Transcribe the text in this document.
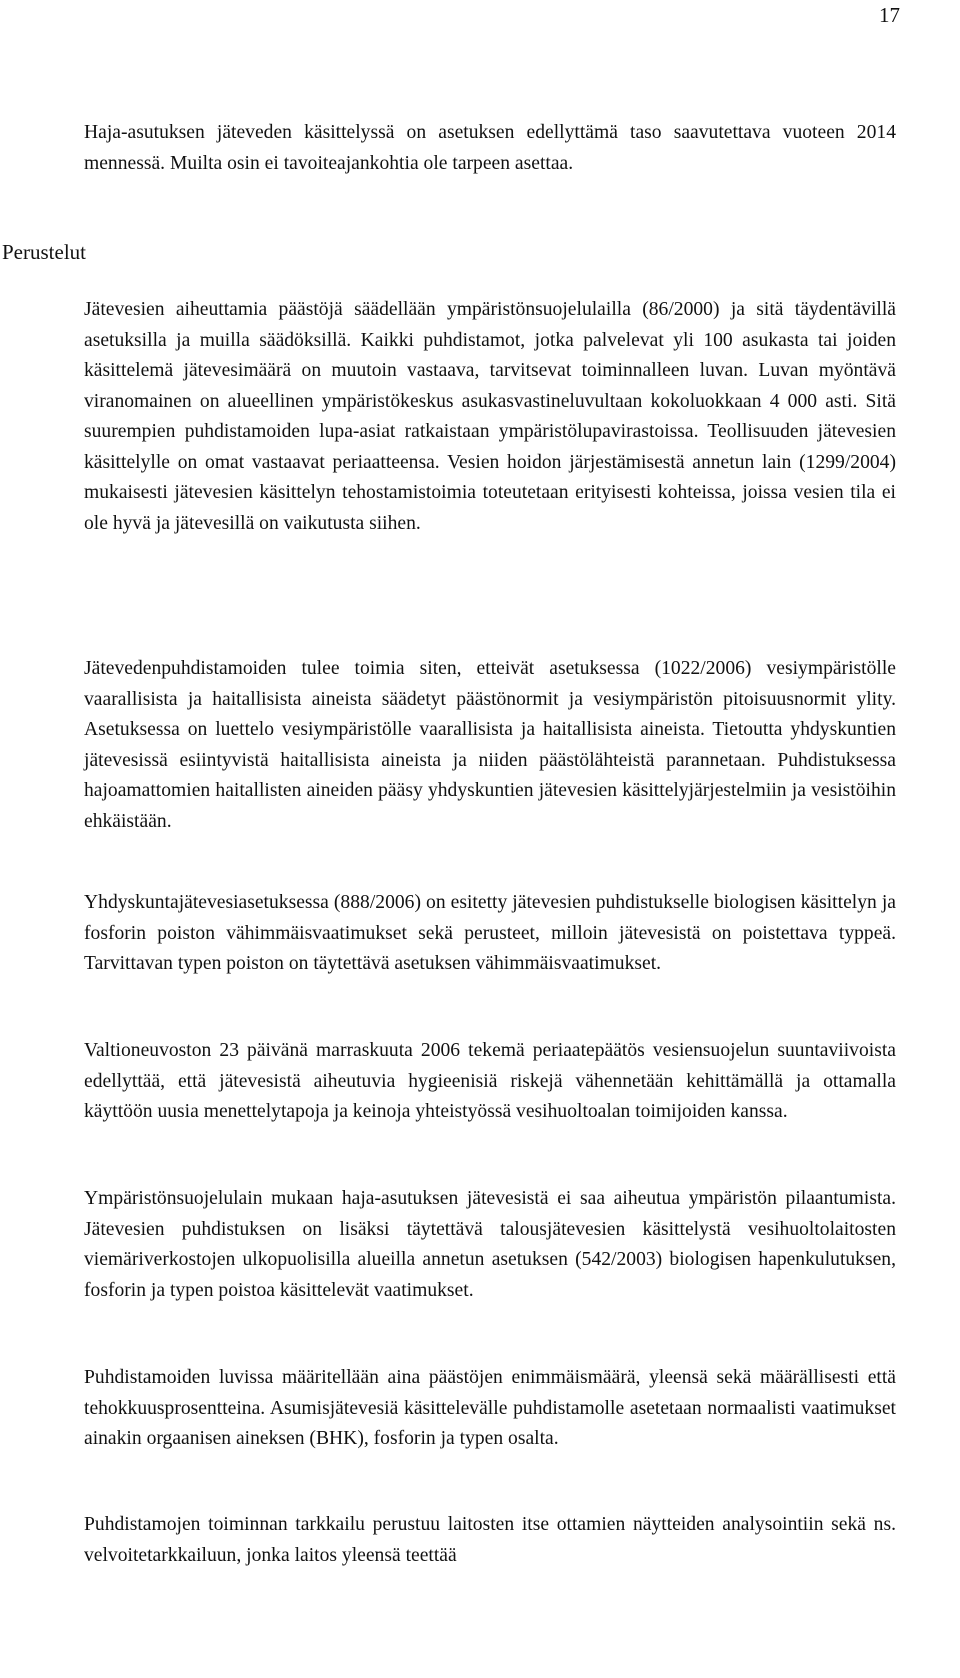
17
Perustelut

Haja-asutuksen jäteveden käsittelyssä on asetuksen edellyttämä taso saavutettava vuoteen 2014 mennessä. Muilta osin ei tavoiteajankohtia ole tarpeen asettaa.

Jätevesien aiheuttamia päästöjä säädellään ympäristönsuojelulailla (86/2000) ja sitä täydentävillä asetuksilla ja muilla säädöksillä. Kaikki puhdistamot, jotka palvelevat yli 100 asukasta tai joiden käsittelemä jätevesimäärä on muutoin vastaava, tarvitsevat toiminnalleen luvan. Luvan myöntävä viranomainen on alueellinen ympäristökeskus asukasvastineluvultaan kokoluokkaan 4 000 asti. Sitä suurempien puhdistamoiden lupa-asiat ratkaistaan ympäristölupavirastoissa. Teollisuuden jätevesien käsittelylle on omat vastaavat periaatteensa. Vesien hoidon järjestämisestä annetun lain (1299/2004) mukaisesti jätevesien käsittelyn tehostamistoimia toteutetaan erityisesti kohteissa, joissa vesien tila ei ole hyvä ja jätevesillä on vaikutusta siihen.

Jätevedenpuhdistamoiden tulee toimia siten, etteivät asetuksessa (1022/2006) vesiympäristölle vaarallisista ja haitallisista aineista säädetyt päästönormit ja vesiympäristön pitoisuusnormit ylity. Asetuksessa on luettelo vesiympäristölle vaarallisista ja haitallisista aineista. Tietoutta yhdyskuntien jätevesissä esiintyvistä haitallisista aineista ja niiden päästölähteistä parannetaan. Puhdistuksessa hajoamattomien haitallisten aineiden pääsy yhdyskuntien jätevesien käsittelyjärjestelmiin ja vesistöihin ehkäistään.

Yhdyskuntajätevesiasetuksessa (888/2006) on esitetty jätevesien puhdistukselle biologisen käsittelyn ja fosforin poiston vähimmäisvaatimukset sekä perusteet, milloin jätevesistä on poistettava typpeä. Tarvittavan typen poiston on täytettävä asetuksen vähimmäisvaatimukset.

Valtioneuvoston 23 päivänä marraskuuta 2006 tekemä periaatepäätös vesiensuojelun suuntaviivoista edellyttää, että jätevesistä aiheutuvia hygieenisiä riskejä vähennetään kehittämällä ja ottamalla käyttöön uusia menettelytapoja ja keinoja yhteistyössä vesihuoltoalan toimijoiden kanssa.

Ympäristönsuojelulain mukaan haja-asutuksen jätevesistä ei saa aiheutua ympäristön pilaantumista. Jätevesien puhdistuksen on lisäksi täytettävä talousjätevesien käsittelystä vesihuoltolaitosten viemäriverkostojen ulkopuolisilla alueilla annetun asetuksen (542/2003) biologisen hapenkulutuksen, fosforin ja typen poistoa käsittelevät vaatimukset.

Puhdistamoiden luvissa määritellään aina päästöjen enimmäismäärä, yleensä sekä määrällisesti että tehokkuusprosentteina. Asumisjätevesiä käsittelevälle puhdistamolle asetetaan normaalisti vaatimukset ainakin orgaanisen aineksen (BHK), fosforin ja typen osalta.

Puhdistamojen toiminnan tarkkailu perustuu laitosten itse ottamien näytteiden analysointiin sekä ns. velvoitetarkkailuun, jonka laitos yleensä teettää
